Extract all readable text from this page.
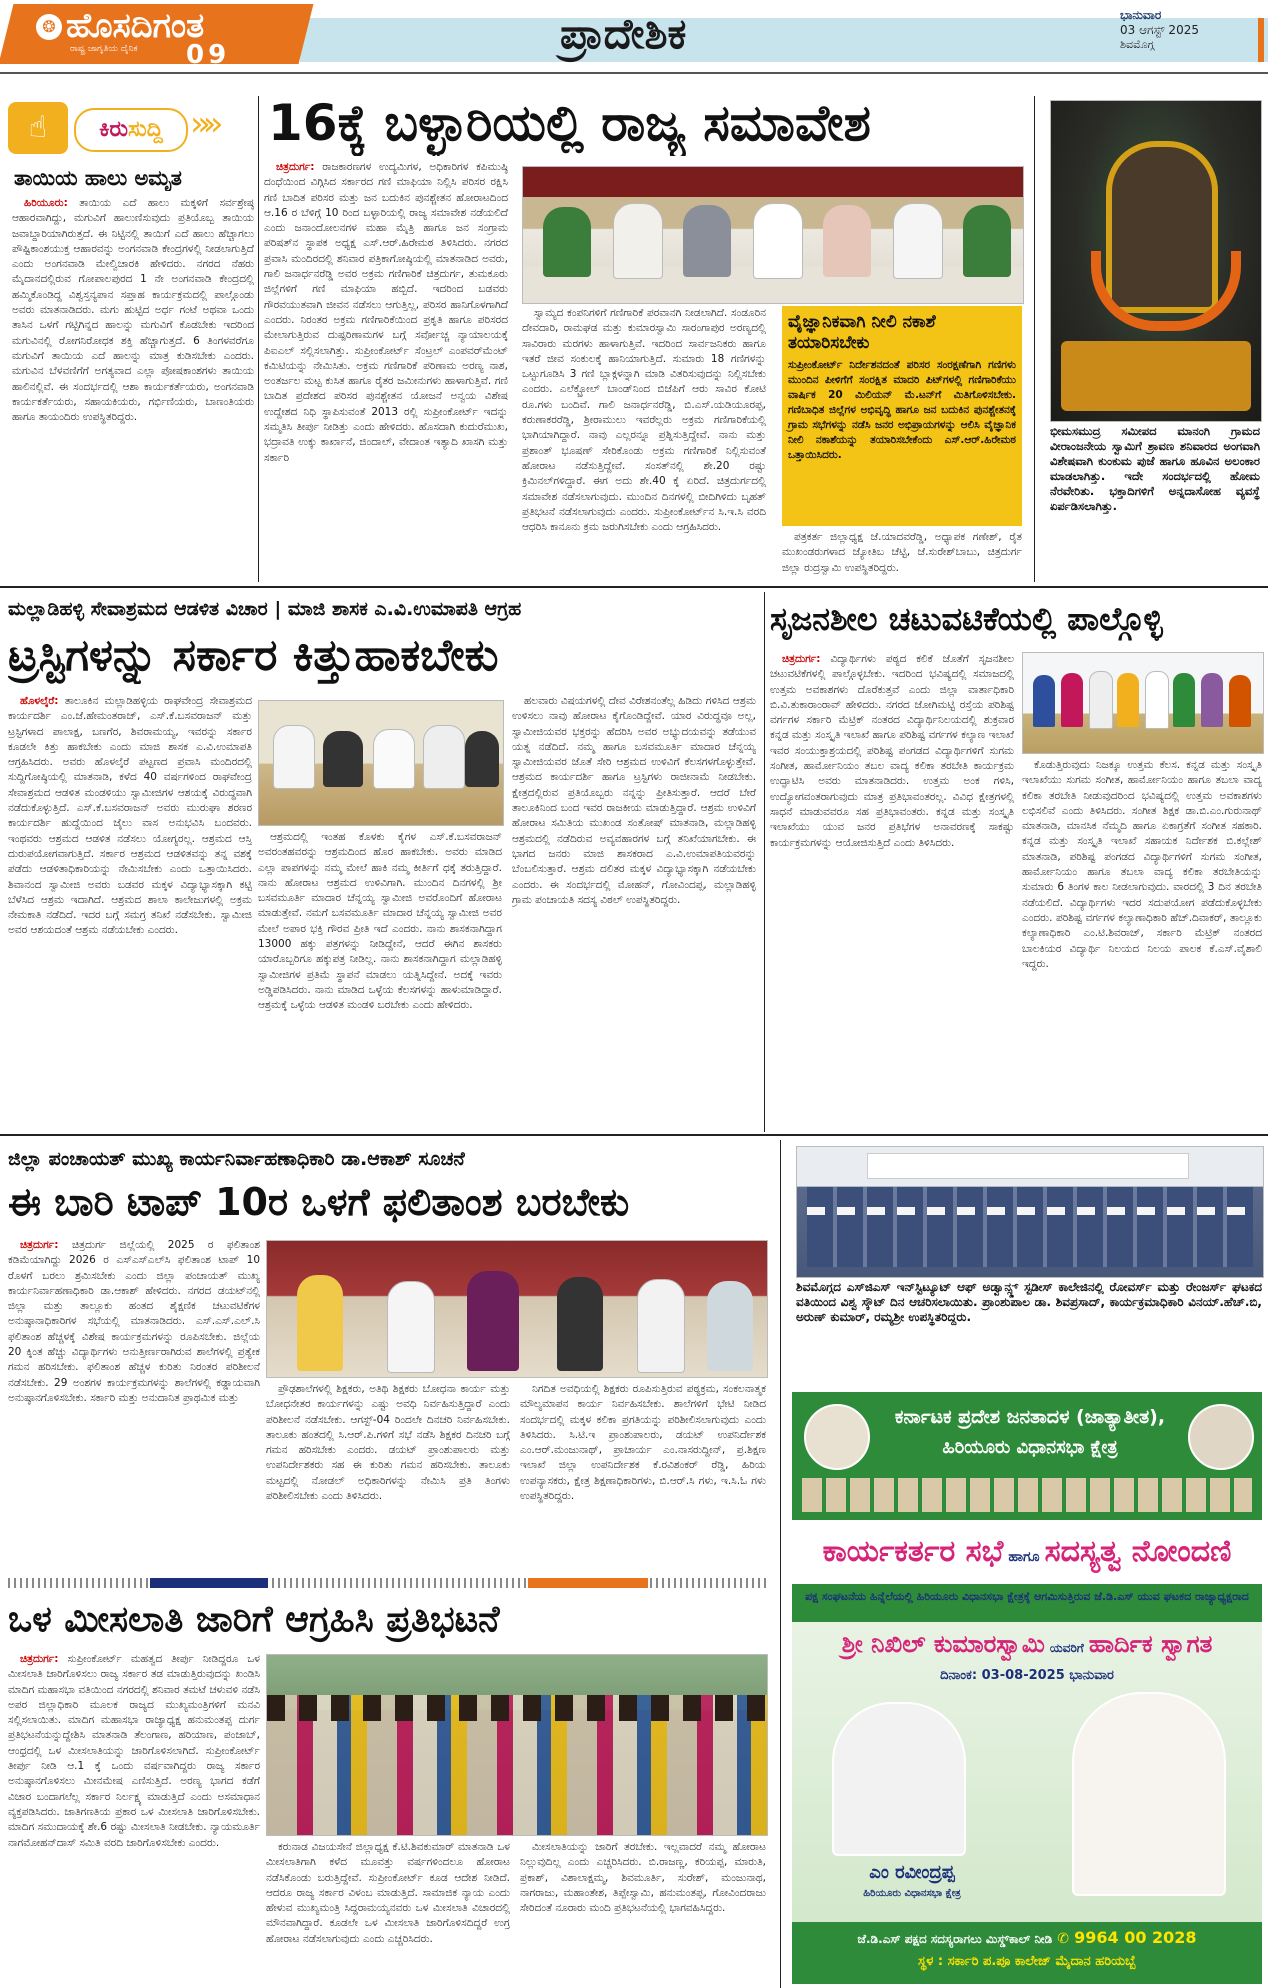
❂ ಹೊಸದಿಗಂತ
ರಾಷ್ಟ್ರ ಜಾಗೃತಿಯ ದೈನಿಕ 09	ಪ್ರಾದೇಶಿಕ	ಭಾನುವಾರ
03 ಆಗಸ್ಟ್ 2025
ಶಿವಮೊಗ್ಗ
☝	ಕಿರುಸುದ್ದಿ »»
ತಾಯಿಯ ಹಾಲು ಅಮೃತ

ಹಿರಿಯೂರು: ತಾಯಿಯ ಎದೆ ಹಾಲು ಮಕ್ಕಳಿಗೆ ಸರ್ವಶ್ರೇಷ್ಠ ಆಹಾರವಾಗಿದ್ದು, ಮಗುವಿಗೆ ಹಾಲುಣಿಸುವುದು ಪ್ರತಿಯೊಬ್ಬ ತಾಯಿಯ ಜವಾಬ್ದಾರಿಯಾಗಿರುತ್ತದೆ. ಈ ನಿಟ್ಟಿನಲ್ಲಿ ತಾಯಿಗೆ ಎದೆ ಹಾಲು ಹೆಚ್ಚಾಗಲು ಪೌಷ್ಟಿಕಾಂಶಯುಕ್ತ ಆಹಾರವನ್ನು ಅಂಗನವಾಡಿ ಕೇಂದ್ರಗಳಲ್ಲಿ ನೀಡಲಾಗುತ್ತಿದೆ ಎಂದು ಅಂಗನವಾಡಿ ಮೇಲ್ವಿಚಾರಕಿ ಹೇಳಿದರು. ನಗರದ ನೆಹರು ಮೈದಾನದಲ್ಲಿರುವ ಗೋಪಾಲಪುರದ 1 ನೇ ಅಂಗನವಾಡಿ ಕೇಂದ್ರದಲ್ಲಿ ಹಮ್ಮಿಕೊಂಡಿದ್ದ ವಿಶ್ವಸ್ತನ್ಯಪಾನ ಸಪ್ತಾಹ ಕಾರ್ಯಕ್ರಮದಲ್ಲಿ ಪಾಲ್ಗೊಂಡು ಅವರು ಮಾತನಾಡಿದರು. ಮಗು ಹುಟ್ಟಿದ ಅರ್ಧ ಗಂಟೆ ಅಥವಾ ಒಂದು ತಾಸಿನ ಒಳಗೆ ಗಟ್ಟಿಗಿನ್ನದ ಹಾಲನ್ನು ಮಗುವಿಗೆ ಕೊಡಬೇಕು ಇದರಿಂದ ಮಗುವಿನಲ್ಲಿ ರೋಗನಿರೋಧಕ ಶಕ್ತಿ ಹೆಚ್ಚಾಗುತ್ತದೆ. 6 ತಿಂಗಳವರೆಗೂ ಮಗುವಿಗೆ ತಾಯಿಯ ಎದೆ ಹಾಲನ್ನು ಮಾತ್ರ ಕುಡಿಸಬೇಕು ಎಂದರು. ಮಗುವಿನ ಬೆಳವಣಿಗೆಗೆ ಅಗತ್ಯವಾದ ಎಲ್ಲಾ ಪೋಷಕಾಂಶಗಳು ತಾಯಿಯ ಹಾಲಿನಲ್ಲಿವೆ. ಈ ಸಂದರ್ಭದಲ್ಲಿ ಆಶಾ ಕಾರ್ಯಕರ್ತೆಯರು, ಅಂಗನವಾಡಿ ಕಾರ್ಯಕರ್ತೆಯರು, ಸಹಾಯಕಿಯರು, ಗರ್ಭಿಣಿಯರು, ಬಾಣಂತಿಯರು ಹಾಗೂ ತಾಯಂದಿರು ಉಪಸ್ಥಿತರಿದ್ದರು.

16ಕ್ಕೆ ಬಳ್ಳಾರಿಯಲ್ಲಿ ರಾಜ್ಯ ಸಮಾವೇಶ

ಚಿತ್ರದುರ್ಗ: ರಾಜಕಾರಣಗಳ ಉದ್ಯಮಿಗಳ, ಅಧಿಕಾರಿಗಳ ಕಪಿಮುಷ್ಠಿ ದಂಧೆಯಿಂದ ವಿಗ್ಗಿಸಿದ ಸರ್ಕಾರದ ಗಣಿ ಮಾಫಿಯಾ ನಿಲ್ಲಿಸಿ ಪರಿಸರ ರಕ್ಷಿಸಿ ಗಣಿ ಬಾದಿತ ಪರಿಸರ ಮತ್ತು ಜನ ಬದುಕಿನ ಪುನಶ್ಚೇತನ ಹೋರಾಟದಿಂದ ಆ.16 ರ ಬೆಳಿಗ್ಗೆ 10 ರಿಂದ ಬಳ್ಳಾರಿಯಲ್ಲಿ ರಾಜ್ಯ ಸಮಾವೇಶ ನಡೆಯಲಿದೆ ಎಂದು ಜನಾಂದೋಲನಗಳ ಮಹಾ ಮೈತ್ರಿ ಹಾಗೂ ಜನ ಸಂಗ್ರಾಮ ಪರಿಷತ್‌ನ ಸ್ಥಾಪಕ ಅಧ್ಯಕ್ಷ ಎಸ್.ಆರ್.ಹಿರೇಮಠ ತಿಳಿಸಿದರು. ನಗರದ ಪ್ರವಾಸಿ ಮಂದಿರದಲ್ಲಿ ಶನಿವಾರ ಪತ್ರಿಕಾಗೋಷ್ಠಿಯಲ್ಲಿ ಮಾತನಾಡಿದ ಅವರು, ಗಾಲಿ ಜನಾರ್ಧನರೆಡ್ಡಿ ಅವರ ಅಕ್ರಮ ಗಣಿಗಾರಿಕೆ ಚಿತ್ರದುರ್ಗ, ತುಮಕೂರು ಜಿಲ್ಲೆಗಳಿಗೆ ಗಣಿ ಮಾಫಿಯಾ ಹಬ್ಬಿದೆ. ಇದರಿಂದ ಬಡವರು ಗೌರವಯುತವಾಗಿ ಜೀವನ ನಡೆಸಲು ಆಗುತ್ತಿಲ್ಲ, ಪರಿಸರ ಹಾನಿಗೊಳಗಾಗಿದೆ ಎಂದರು. ನಿರಂತರ ಅಕ್ರಮ ಗಣಿಗಾರಿಕೆಯಿಂದ ಪ್ರಕೃತಿ ಹಾಗೂ ಪರಿಸರದ ಮೇಲಾಗುತ್ತಿರುವ ದುಷ್ಪರಿಣಾಮಗಳ ಬಗ್ಗೆ ಸರ್ವೋಚ್ಚ ನ್ಯಾಯಾಲಯಕ್ಕೆ ಪಿಐಎಲ್ ಸಲ್ಲಿಸಲಾಗಿತ್ತು. ಸುಪ್ರೀಂಕೋರ್ಟ್ ಸೆಂಟ್ರಲ್ ಎಂಪವರ್‌ಮೆಂಟ್ ಕಮಿಟಿಯನ್ನು ನೇಮಿಸಿತು. ಅಕ್ರಮ ಗಣಿಗಾರಿಕೆ ಪರಿಣಾಮ ಅರಣ್ಯ ನಾಶ, ಅಂತರ್ಜಲ ಮಟ್ಟ ಕುಸಿತ ಹಾಗೂ ರೈತರ ಜಮೀನುಗಳು ಹಾಳಾಗುತ್ತಿವೆ. ಗಣಿ ಬಾದಿತ ಪ್ರದೇಶದ ಪರಿಸರ ಪುನಶ್ಚೇತನ ಯೋಜನೆ ಅನ್ವಯ ವಿಶೇಷ ಉದ್ದೇಶದ ನಿಧಿ ಸ್ಥಾಪಿಸುವಂತೆ 2013 ರಲ್ಲಿ ಸುಪ್ರೀಂಕೋರ್ಟ್ ಇದನ್ನು ಸಮ್ಮತಿಸಿ ತೀರ್ಪು ನೀಡಿತ್ತು ಎಂದು ಹೇಳಿದರು. ಹೊಸದಾಗಿ ಕುದುರೆಮುಖ, ಭದ್ರಾವತಿ ಉಕ್ಕು ಕಾರ್ಖಾನೆ, ಜಿಂದಾಲ್, ವೇದಾಂತ ಇತ್ಯಾದಿ ಖಾಸಗಿ ಮತ್ತು ಸರ್ಕಾರಿ

ಸ್ವಾಮ್ಯದ ಕಂಪನಿಗಳಿಗೆ ಗಣಿಗಾರಿಕೆ ಪರವಾನಗಿ ನೀಡಲಾಗಿದೆ. ಸಂಡೂರಿನ ದೇವದಾರಿ, ರಾಮಘಡ ಮತ್ತು ಕುಮಾರಸ್ವಾಮಿ ಸಾರಂಗಾಪುರ ಅರಣ್ಯದಲ್ಲಿ ಸಾವಿರಾರು ಮರಗಳು ಹಾಳಾಗುತ್ತಿವೆ. ಇದರಿಂದ ಸಾರ್ವಜನಿಕರು ಹಾಗೂ ಇತರೆ ಜೀವ ಸಂಕುಲಕ್ಕೆ ಹಾನಿಯಾಗುತ್ತಿದೆ. ಸುಮಾರು 18 ಗಣಿಗಳನ್ನು ಒಟ್ಟುಗೂಡಿಸಿ 3 ಗಣಿ ಬ್ಲಾಕ್ಗಳನ್ನಾಗಿ ಮಾಡಿ ವಿತರಿಸುವುದನ್ನು ನಿಲ್ಲಿಸಬೇಕು ಎಂದರು. ಎಲೆಕ್ಟ್ರೋಲ್ ಬಾಂಡ್‌ನಿಂದ ಬಿಜೆಪಿಗೆ ಆರು ಸಾವಿರ ಕೋಟಿ ರೂ.ಗಳು ಬಂದಿವೆ. ಗಾಲಿ ಜನಾರ್ಧನರೆಡ್ಡಿ, ಬಿ.ಎಸ್.ಯಡಿಯೂರಪ್ಪ, ಕರುಣಾಕರರೆಡ್ಡಿ, ಶ್ರೀರಾಮುಲು ಇವರೆಲ್ಲರು ಅಕ್ರಮ ಗಣಿಗಾರಿಕೆಯಲ್ಲಿ ಭಾಗಿಯಾಗಿದ್ದಾರೆ. ನಾವು ಎಲ್ಲರನ್ನೂ ಪ್ರಶ್ನಿಸುತ್ತಿದ್ದೇವೆ. ನಾನು ಮತ್ತು ಪ್ರಶಾಂತ್ ಭೂಷಣ್ ಸೇರಿಕೊಂಡು ಅಕ್ರಮ ಗಣಿಗಾರಿಕೆ ನಿಲ್ಲಿಸುವಂತೆ ಹೋರಾಟ ನಡೆಸುತ್ತಿದ್ದೇವೆ. ಸಂಸತ್‌ನಲ್ಲಿ ಶೇ.20 ರಷ್ಟು ಕ್ರಿಮಿನಲ್‌ಗಳಿದ್ದಾರೆ. ಈಗ ಅದು ಶೇ.40 ಕ್ಕೆ ಏರಿದೆ. ಚಿತ್ರದುರ್ಗದಲ್ಲಿ ಸಮಾವೇಶ ನಡೆಸಲಾಗುವುದು. ಮುಂದಿನ ದಿನಗಳಲ್ಲಿ ಬೀದಿಗಿಳಿದು ಬೃಹತ್ ಪ್ರತಿಭಟನೆ ನಡೆಸಲಾಗುವುದು ಎಂದರು. ಸುಪ್ರೀಂಕೋರ್ಟ್‌ನ ಸಿ.ಇ.ಸಿ ವರದಿ ಆಧರಿಸಿ ಕಾನೂನು ಕ್ರಮ ಜರುಗಿಸಬೇಕು ಎಂದು ಆಗ್ರಹಿಸಿದರು.

ವೈಜ್ಞಾನಿಕವಾಗಿ ನೀಲಿ ನಕಾಶೆ ತಯಾರಿಸಬೇಕು
ಸುಪ್ರೀಂಕೋರ್ಟ್ ನಿರ್ದೇಶನದಂತೆ ಪರಿಸರ ಸಂರಕ್ಷಣೆಗಾಗಿ ಗಣಿಗಳು ಮುಂದಿನ ಪೀಳಿಗೆಗೆ ಸಂರಕ್ಷಿತ ಮಾದರಿ ಪಿಟ್‌ಗಳಲ್ಲಿ ಗಣಿಗಾರಿಕೆಯು ವಾರ್ಷಿಕ 20 ಮಿಲಿಯನ್ ಮೆ.ಟನ್‌ಗೆ ಮಿತಿಗೊಳಿಸಬೇಕು. ಗಣಿಬಾಧಿತ ಜಿಲ್ಲೆಗಳ ಅಭಿವೃದ್ಧಿ ಹಾಗೂ ಜನ ಬದುಕಿನ ಪುನಶ್ಚೇತನಕ್ಕೆ ಗ್ರಾಮ ಸಭೆಗಳನ್ನು ನಡೆಸಿ ಜನರ ಅಭಿಪ್ರಾಯಗಳನ್ನು ಆಲಿಸಿ ವೈಜ್ಞಾನಿಕ ನೀಲಿ ನಕಾಶೆಯನ್ನು ತಯಾರಿಸಬೇಕೆಂದು ಎಸ್.ಆರ್.ಹಿರೇಮಠ ಒತ್ತಾಯಿಸಿದರು.

ಪತ್ರಕರ್ತ ಜಿಲ್ಲಾಧ್ಯಕ್ಷ ಜೆ.ಯಾದವರೆಡ್ಡಿ, ಅಧ್ಯಾಪಕ ಗಣೇಶ್, ರೈತ ಮುಖಂಡರುಗಳಾದ ಜ್ಯೋತಿಬ ಚೆಟ್ಟಿ, ಜೆ.ಸುರೇಶ್‌ಬಾಬು, ಚಿತ್ರದುರ್ಗ ಜಿಲ್ಲಾ ರುದ್ರಸ್ವಾಮಿ ಉಪಸ್ಥಿತರಿದ್ದರು.

ಭೀಮಸಮುದ್ರ ಸಮೀಪದ ಮಾನಂಗಿ ಗ್ರಾಮದ ವೀರಾಂಜನೇಯ ಸ್ವಾಮಿಗೆ ಶ್ರಾವಣ ಶನಿವಾರದ ಅಂಗವಾಗಿ ವಿಶೇಷವಾಗಿ ಕುಂಕುಮ ಪುಜೆ ಹಾಗೂ ಹೂವಿನ ಅಲಂಕಾರ ಮಾಡಲಾಗಿತ್ತು. ಇದೇ ಸಂದರ್ಭದಲ್ಲಿ ಹೋಮ ನೆರವೇರಿತು. ಭಕ್ತಾದಿಗಳಿಗೆ ಅನ್ನದಾಸೋಹ ವ್ಯವಸ್ಥೆ ಏರ್ಪಡಿಸಲಾಗಿತ್ತು.
ಮಲ್ಲಾಡಿಹಳ್ಳಿ ಸೇವಾಶ್ರಮದ ಆಡಳಿತ ವಿಚಾರ | ಮಾಜಿ ಶಾಸಕ ಎ.ವಿ.ಉಮಾಪತಿ ಆಗ್ರಹ
ಟ್ರಸ್ಟಿಗಳನ್ನು ಸರ್ಕಾರ ಕಿತ್ತುಹಾಕಬೇಕು

ಹೊಳಲ್ಕೆರೆ: ತಾಲೂಕಿನ ಮಲ್ಲಾಡಿಹಳ್ಳಿಯ ರಾಘವೇಂದ್ರ ಸೇವಾಶ್ರಮದ ಕಾರ್ಯದರ್ಶಿ ಎಂ.ಜೆ.ಹೇಮಂತರಾಜ್, ಎಸ್.ಕೆ.ಬಸವರಾಜನ್ ಮತ್ತು ಟ್ರಸ್ಟಿಗಳಾದ ಪಾಲಾಕ್ಷ, ಬಣಗೆರ, ಶಿವರಾಮಯ್ಯ, ಇವರನ್ನು ಸರ್ಕಾರ ಕೂಡಲೇ ಕಿತ್ತು ಹಾಕಬೇಕು ಎಂದು ಮಾಜಿ ಶಾಸಕ ಎ.ವಿ.ಉಮಾಪತಿ ಆಗ್ರಹಿಸಿದರು. ಅವರು ಹೊಳಲ್ಕೆರೆ ಪಟ್ಟಣದ ಪ್ರವಾಸಿ ಮಂದಿರದಲ್ಲಿ ಸುದ್ದಿಗೋಷ್ಠಿಯಲ್ಲಿ ಮಾತನಾಡಿ, ಕಳೆದ 40 ವರ್ಷಗಳಿಂದ ರಾಘವೇಂದ್ರ ಸೇವಾಶ್ರಮದ ಆಡಳಿತ ಮಂಡಳಿಯು ಸ್ವಾಮೀಜಿಗಳ ಆಶಯಕ್ಕೆ ವಿರುದ್ಧವಾಗಿ ನಡೆದುಕೊಳ್ಳುತ್ತಿದೆ. ಎಸ್.ಕೆ.ಬಸವರಾಜನ್ ಅವರು ಮುರುಘಾ ಶರಣರ ಕಾರ್ಯದರ್ಶಿ ಹುದ್ದೆಯಿಂದ ಜೈಲು ವಾಸ ಅನುಭವಿಸಿ ಬಂದವರು. ಇಂಥವರು ಆಶ್ರಮದ ಆಡಳಿತ ನಡೆಸಲು ಯೋಗ್ಯರಲ್ಲ. ಆಶ್ರಮದ ಆಸ್ತಿ ದುರುಪಯೋಗವಾಗುತ್ತಿದೆ. ಸರ್ಕಾರ ಆಶ್ರಮದ ಆಡಳಿತವನ್ನು ತನ್ನ ವಶಕ್ಕೆ ಪಡೆದು ಆಡಳಿತಾಧಿಕಾರಿಯನ್ನು ನೇಮಿಸಬೇಕು ಎಂದು ಒತ್ತಾಯಿಸಿದರು. ಶಿವಾನಂದ ಸ್ವಾಮೀಜಿ ಅವರು ಬಡವರ ಮಕ್ಕಳ ವಿದ್ಯಾಭ್ಯಾಸಕ್ಕಾಗಿ ಕಟ್ಟಿ ಬೆಳೆಸಿದ ಆಶ್ರಮ ಇದಾಗಿದೆ. ಆಶ್ರಮದ ಶಾಲಾ ಕಾಲೇಜುಗಳಲ್ಲಿ ಅಕ್ರಮ ನೇಮಕಾತಿ ನಡೆದಿದೆ. ಇದರ ಬಗ್ಗೆ ಸಮಗ್ರ ತನಿಖೆ ನಡೆಸಬೇಕು. ಸ್ವಾಮೀಜಿ ಅವರ ಆಶಯದಂತೆ ಆಶ್ರಮ ನಡೆಯಬೇಕು ಎಂದರು.

ಆಶ್ರಮದಲ್ಲಿ ಇಂತಹ ಕೊಳಕು ಕೈಗಳ ಎಸ್.ಕೆ.ಬಸವರಾಜನ್ ಅವರಂತಹವರನ್ನು ಆಶ್ರಮದಿಂದ ಹೊರ ಹಾಕಬೇಕು. ಅವರು ಮಾಡಿದ ಎಲ್ಲಾ ಪಾಪಗಳನ್ನು ನಮ್ಮ ಮೇಲೆ ಹಾಕಿ ನಮ್ಮ ಕೀರ್ತಿಗೆ ಧಕ್ಕೆ ತರುತ್ತಿದ್ದಾರೆ. ನಾನು ಹೋರಾಟ ಆಶ್ರಮದ ಉಳಿವಿಗಾಗಿ. ಮುಂದಿನ ದಿನಗಳಲ್ಲಿ ಶ್ರೀ ಬಸವಮೂರ್ತಿ ಮಾದಾರ ಚೆನ್ನಯ್ಯ ಸ್ವಾಮೀಜಿ ಅವರೊಂದಿಗೆ ಹೋರಾಟ ಮಾಡುತ್ತೇವೆ. ನಮಗೆ ಬಸವಮೂರ್ತಿ ಮಾದಾರ ಚೆನ್ನಯ್ಯ ಸ್ವಾಮೀಜಿ ಅವರ ಮೇಲೆ ಅಪಾರ ಭಕ್ತಿ ಗೌರವ ಪ್ರೀತಿ ಇದೆ ಎಂದರು. ನಾನು ಶಾಸಕನಾಗಿದ್ದಾಗ 13000 ಹಕ್ಕು ಪತ್ರಗಳನ್ನು ನೀಡಿದ್ದೇನೆ, ಆದರೆ ಈಗಿನ ಶಾಸಕರು ಯಾರೊಬ್ಬರಿಗೂ ಹಕ್ಕುಪತ್ರ ನೀಡಿಲ್ಲ. ನಾನು ಶಾಸಕನಾಗಿದ್ದಾಗ ಮಲ್ಲಾಡಿಹಳ್ಳಿ ಸ್ವಾಮೀಜಿಗಳ ಪ್ರತಿಮೆ ಸ್ಥಾಪನೆ ಮಾಡಲು ಯತ್ನಿಸಿದ್ದೇನೆ. ಅದಕ್ಕೆ ಇವರು ಅಡ್ಡಿಪಡಿಸಿದರು. ನಾನು ಮಾಡಿದ ಒಳ್ಳೆಯ ಕೆಲಸಗಳನ್ನು ಹಾಳುಮಾಡಿದ್ದಾರೆ. ಆಶ್ರಮಕ್ಕೆ ಒಳ್ಳೆಯ ಆಡಳಿತ ಮಂಡಳಿ ಬರಬೇಕು ಎಂದು ಹೇಳಿದರು.

ಹಲವಾರು ವಿಷಯಗಳಲ್ಲಿ ದೇವ ವಿರೇಶನಂತೆಲ್ಲ ಹಿಡಿದು ಗಳಿಸಿದ ಆಶ್ರಮ ಉಳಿಸಲು ನಾವು ಹೋರಾಟ ಕೈಗೊಂಡಿದ್ದೇವೆ. ಯಾರ ವಿರುದ್ಧವೂ ಅಲ್ಲ, ಸ್ವಾಮೀಜಿಯವರ ಭಕ್ತರನ್ನು ಹೆದರಿಸಿ ಅವರ ಅಭ್ಯುದಯವನ್ನು ತಡೆಯುವ ಯತ್ನ ನಡೆದಿದೆ. ನಮ್ಮ ಹಾಗೂ ಬಸವಮೂರ್ತಿ ಮಾದಾರ ಚೆನ್ನಯ್ಯ ಸ್ವಾಮೀಜಿಯವರ ಜೊತೆ ಸೇರಿ ಆಶ್ರಮದ ಉಳಿವಿಗೆ ಕೆಲಸಗಳಗೊಳ್ಳುತ್ತೇವೆ. ಆಶ್ರಮದ ಕಾರ್ಯದರ್ಶಿ ಹಾಗೂ ಟ್ರಸ್ಟಿಗಳು ರಾಜೀನಾಮೆ ನೀಡಬೇಕು. ಕ್ಷೇತ್ರದಲ್ಲಿರುವ ಪ್ರತಿಯೊಬ್ಬರು ನನ್ನನ್ನು ಪ್ರೀತಿಸುತ್ತಾರೆ. ಆದರೆ ಬೇರೆ ತಾಲೂಕಿನಿಂದ ಬಂದ ಇವರ ರಾಜಕೀಯ ಮಾಡುತ್ತಿದ್ದಾರೆ. ಆಶ್ರಮ ಉಳಿವಿಗೆ ಹೋರಾಟ ಸಮಿತಿಯ ಮುಖಂಡ ಸಂತೋಷ್ ಮಾತನಾಡಿ, ಮಲ್ಲಾಡಿಹಳ್ಳಿ ಆಶ್ರಮದಲ್ಲಿ ನಡೆದಿರುವ ಅವ್ಯವಹಾರಗಳ ಬಗ್ಗೆ ತನಿಖೆಯಾಗಬೇಕು. ಈ ಭಾಗದ ಜನರು ಮಾಜಿ ಶಾಸಕರಾದ ಎ.ವಿ.ಉಮಾಪತಿಯವರನ್ನು ಬೆಂಬಲಿಸುತ್ತಾರೆ. ಆಶ್ರಮ ದಲಿತರ ಮಕ್ಕಳ ವಿದ್ಯಾಭ್ಯಾಸಕ್ಕಾಗಿ ನಡೆಯಬೇಕು ಎಂದರು. ಈ ಸಂದರ್ಭದಲ್ಲಿ ಮೋಹನ್, ಗೋವಿಂದಪ್ಪ, ಮಲ್ಲಾಡಿಹಳ್ಳಿ ಗ್ರಾಮ ಪಂಚಾಯತಿ ಸದಸ್ಯ ವಿಠಲ್ ಉಪಸ್ಥಿತರಿದ್ದರು.

ಸೃಜನಶೀಲ ಚಟುವಟಿಕೆಯಲ್ಲಿ ಪಾಲ್ಗೊಳ್ಳಿ

ಚಿತ್ರದುರ್ಗ: ವಿದ್ಯಾರ್ಥಿಗಳು ಪಠ್ಯದ ಕಲಿಕೆ ಜೊತೆಗೆ ಸೃಜನಶೀಲ ಚಟುವಟಿಕೆಗಳಲ್ಲಿ ಪಾಲ್ಗೊಳ್ಳಬೇಕು. ಇದರಿಂದ ಭವಿಷ್ಯದಲ್ಲಿ ಸಮಾಜದಲ್ಲಿ ಉತ್ತಮ ಅವಕಾಶಗಳು ದೊರೆಕುತ್ತವೆ ಎಂದು ಜಿಲ್ಲಾ ವಾರ್ತಾಧಿಕಾರಿ ಬಿ.ವಿ.ತುಕಾರಾಂರಾವ್ ಹೇಳಿದರು. ನಗರದ ಜೋಗಿಮಟ್ಟಿ ರಸ್ತೆಯ ಪರಿಶಿಷ್ಟ ವರ್ಗಗಳ ಸರ್ಕಾರಿ ಮೆಟ್ರಿಕ್ ನಂತರದ ವಿದ್ಯಾರ್ಥಿನಿಲಯದಲ್ಲಿ ಶುಕ್ರವಾರ ಕನ್ನಡ ಮತ್ತು ಸಂಸ್ಕೃತಿ ಇಲಾಖೆ ಹಾಗೂ ಪರಿಶಿಷ್ಟ ವರ್ಗಗಳ ಕಲ್ಯಾಣ ಇಲಾಖೆ ಇವರ ಸಂಯುಕ್ತಾಶ್ರಯದಲ್ಲಿ ಪರಿಶಿಷ್ಟ ಪಂಗಡದ ವಿದ್ಯಾರ್ಥಿಗಳಿಗೆ ಸುಗಮ ಸಂಗೀತ, ಹಾರ್ಮೋನಿಯಂ ತಬಲ ವಾದ್ಯ ಕಲಿಕಾ ತರಬೇತಿ ಕಾರ್ಯಕ್ರಮ ಉದ್ಘಾಟಿಸಿ ಅವರು ಮಾತನಾಡಿದರು. ಉತ್ತಮ ಅಂಕ ಗಳಿಸಿ, ಉದ್ಯೋಗವಂತರಾಗುವುದು ಮಾತ್ರ ಪ್ರತಿಭಾವಂತರಲ್ಲ. ವಿವಿಧ ಕ್ಷೇತ್ರಗಳಲ್ಲಿ ಸಾಧನೆ ಮಾಡುವವರೂ ಸಹ ಪ್ರತಿಭಾವಂತರು. ಕನ್ನಡ ಮತ್ತು ಸಂಸ್ಕೃತಿ ಇಲಾಖೆಯು ಯುವ ಜನರ ಪ್ರತಿಭೆಗಳ ಅನಾವರಣಕ್ಕೆ ಸಾಕಷ್ಟು ಕಾರ್ಯಕ್ರಮಗಳನ್ನು ಆಯೋಜಿಸುತ್ತಿದೆ ಎಂದು ತಿಳಿಸಿದರು.

ಕೊಡುತ್ತಿರುವುದು ನಿಜಕ್ಕೂ ಉತ್ತಮ ಕೆಲಸ. ಕನ್ನಡ ಮತ್ತು ಸಂಸ್ಕೃತಿ ಇಲಾಖೆಯು ಸುಗಮ ಸಂಗೀತ, ಹಾರ್ಮೋನಿಯಂ ಹಾಗೂ ತಬಲಾ ವಾದ್ಯ ಕಲಿಕಾ ತರಬೇತಿ ನೀಡುವುದರಿಂದ ಭವಿಷ್ಯದಲ್ಲಿ ಉತ್ತಮ ಅವಕಾಶಗಳು ಲಭಿಸಲಿವೆ ಎಂದು ತಿಳಿಸಿದರು. ಸಂಗೀತ ಶಿಕ್ಷಕ ಡಾ.ಬಿ.ಎಂ.ಗುರುನಾಥ್ ಮಾತನಾಡಿ, ಮಾನಸಿಕ ನೆಮ್ಮದಿ ಹಾಗೂ ಏಕಾಗ್ರತೆಗೆ ಸಂಗೀತ ಸಹಕಾರಿ. ಕನ್ನಡ ಮತ್ತು ಸಂಸ್ಕೃತಿ ಇಲಾಖೆ ಸಹಾಯಕ ನಿರ್ದೇಶಕ ಬಿ.ಕಲ್ಲೇಶ್ ಮಾತನಾಡಿ, ಪರಿಶಿಷ್ಟ ಪಂಗಡದ ವಿದ್ಯಾರ್ಥಿಗಳಿಗೆ ಸುಗಮ ಸಂಗೀತ, ಹಾರ್ಮೋನಿಯಂ ಹಾಗೂ ತಬಲಾ ವಾದ್ಯ ಕಲಿಕಾ ತರಬೇತಿಯನ್ನು ಸುಮಾರು 6 ತಿಂಗಳ ಕಾಲ ನೀಡಲಾಗುವುದು. ವಾರದಲ್ಲಿ 3 ದಿನ ತರಬೇತಿ ನಡೆಯಲಿದೆ. ವಿದ್ಯಾರ್ಥಿಗಳು ಇದರ ಸದುಪಯೋಗ ಪಡೆದುಕೊಳ್ಳಬೇಕು ಎಂದರು. ಪರಿಶಿಷ್ಟ ವರ್ಗಗಳ ಕಲ್ಯಾಣಾಧಿಕಾರಿ ಹೆಚ್.ದಿವಾಕರ್, ತಾಲ್ಲೂಕು ಕಲ್ಯಾಣಾಧಿಕಾರಿ ಎಂ.ಟಿ.ಶಿವರಾಜ್, ಸರ್ಕಾರಿ ಮೆಟ್ರಿಕ್ ನಂತರದ ಬಾಲಕಿಯರ ವಿದ್ಯಾರ್ಥಿ ನಿಲಯದ ನಿಲಯ ಪಾಲಕ ಕೆ.ಎಸ್.ವೈಶಾಲಿ ಇದ್ದರು.

ಜಿಲ್ಲಾ ಪಂಚಾಯತ್ ಮುಖ್ಯ ಕಾರ್ಯನಿರ್ವಾಹಣಾಧಿಕಾರಿ ಡಾ.ಆಕಾಶ್ ಸೂಚನೆ
ಈ ಬಾರಿ ಟಾಪ್ 10ರ ಒಳಗೆ ಫಲಿತಾಂಶ ಬರಬೇಕು

ಚಿತ್ರದುರ್ಗ: ಚಿತ್ರದುರ್ಗ ಜಿಲ್ಲೆಯಲ್ಲಿ 2025 ರ ಫಲಿತಾಂಶ ಕಡಿಮೆಯಾಗಿದ್ದು 2026 ರ ಎಸ್ಎಸ್ಎಲ್‌ಸಿ ಫಲಿತಾಂಶ ಟಾಪ್ 10 ರೊಳಗೆ ಬರಲು ಶ್ರಮಿಸಬೇಕು ಎಂದು ಜಿಲ್ಲಾ ಪಂಚಾಯತ್ ಮುಖ್ಯ ಕಾರ್ಯನಿರ್ವಾಹಣಾಧಿಕಾರಿ ಡಾ.ಆಕಾಶ್ ಹೇಳಿದರು. ನಗರದ ಡಯಟ್‌ನಲ್ಲಿ ಜಿಲ್ಲಾ ಮತ್ತು ತಾಲ್ಲೂಕು ಹಂತದ ಶೈಕ್ಷಣಿಕ ಚಟುವಟಿಕೆಗಳ ಅನುಷ್ಠಾನಾಧಿಕಾರಿಗಳ ಸಭೆಯಲ್ಲಿ ಮಾತನಾಡಿದರು. ಎಸ್.ಎಸ್.ಎಲ್.ಸಿ ಫಲಿತಾಂಶ ಹೆಚ್ಚಳಕ್ಕೆ ವಿಶೇಷ ಕಾರ್ಯಕ್ರಮಗಳನ್ನು ರೂಪಿಸಬೇಕು. ಜಿಲ್ಲೆಯ 20 ಕ್ಕಿಂತ ಹೆಚ್ಚು ವಿದ್ಯಾರ್ಥಿಗಳು ಅನುತ್ತೀರ್ಣರಾಗಿರುವ ಶಾಲೆಗಳಲ್ಲಿ ಪ್ರತ್ಯೇಕ ಗಮನ ಹರಿಸಬೇಕು. ಫಲಿತಾಂಶ ಹೆಚ್ಚಳ ಕುರಿತು ನಿರಂತರ ಪರಿಶೀಲನೆ ನಡೆಸಬೇಕು. 29 ಅಂಶಗಳ ಕಾರ್ಯಕ್ರಮಗಳನ್ನು ಶಾಲೆಗಳಲ್ಲಿ ಕಡ್ಡಾಯವಾಗಿ ಅನುಷ್ಠಾನಗೊಳಿಸಬೇಕು. ಸರ್ಕಾರಿ ಮತ್ತು ಅನುದಾನಿತ ಪ್ರಾಥಮಿಕ ಮತ್ತು

ಪ್ರೌಢಶಾಲೆಗಳಲ್ಲಿ ಶಿಕ್ಷಕರು, ಅತಿಥಿ ಶಿಕ್ಷಕರು ಬೋಧನಾ ಕಾರ್ಯ ಮತ್ತು ಬೋಧನೇತರ ಕಾರ್ಯಗಳನ್ನು ಎಷ್ಟು ಅವಧಿ ನಿರ್ವಹಿಸುತ್ತಿದ್ದಾರೆ ಎಂದು ಪರಿಶೀಲನೆ ನಡೆಸಬೇಕು. ಆಗಸ್ಟ್-04 ರಿಂದಲೇ ದಿನಚರಿ ನಿರ್ವಹಿಸಬೇಕು. ತಾಲೂಕು ಹಂತದಲ್ಲಿ ಸಿ.ಆರ್.ಪಿ.ಗಳಿಗೆ ಸಭೆ ನಡೆಸಿ ಶಿಕ್ಷಕರ ದಿನಚರಿ ಬಗ್ಗೆ ಗಮನ ಹರಿಸಬೇಕು ಎಂದರು. ಡಯಟ್ ಪ್ರಾಂಶುಪಾಲರು ಮತ್ತು ಉಪನಿರ್ದೇಶಕರು ಸಹ ಈ ಕುರಿತು ಗಮನ ಹರಿಸಬೇಕು. ತಾಲೂಕು ಮಟ್ಟದಲ್ಲಿ ನೋಡಲ್ ಅಧಿಕಾರಿಗಳನ್ನು ನೇಮಿಸಿ ಪ್ರತಿ ತಿಂಗಳು ಪರಿಶೀಲಿಸಬೇಕು ಎಂದು ತಿಳಿಸಿದರು.

ನಿಗದಿತ ಅವಧಿಯಲ್ಲಿ ಶಿಕ್ಷಕರು ರೂಪಿಸುತ್ತಿರುವ ಪಠ್ಯಕ್ರಮ, ಸಂಕಲನಾತ್ಮಕ ಮೌಲ್ಯಮಾಪನ ಕಾರ್ಯ ನಿರ್ವಹಿಸಬೇಕು. ಶಾಲೆಗಳಿಗೆ ಭೇಟಿ ನೀಡಿದ ಸಂದರ್ಭದಲ್ಲಿ ಮಕ್ಕಳ ಕಲಿಕಾ ಪ್ರಗತಿಯನ್ನು ಪರಿಶೀಲಿಸಲಾಗುವುದು ಎಂದು ತಿಳಿಸಿದರು. ಸಿ.ಟಿ.ಇ ಪ್ರಾಂಶುಪಾಲರು, ಡಯಟ್ ಉಪನಿರ್ದೇಶಕ ಎಂ.ಆರ್.ಮಂಜುನಾಥ್, ಪ್ರಾಚಾರ್ಯ ಎಂ.ನಾಸರುದ್ದೀನ್, ಪ್ರ.ಶಿಕ್ಷಣ ಇಲಾಖೆ ಜಿಲ್ಲಾ ಉಪನಿರ್ದೇಶಕ ಕೆ.ರವಿಶಂಕರ್ ರೆಡ್ಡಿ, ಹಿರಿಯ ಉಪನ್ಯಾಸಕರು, ಕ್ಷೇತ್ರ ಶಿಕ್ಷಣಾಧಿಕಾರಿಗಳು, ಬಿ.ಆರ್.ಸಿ ಗಳು, ಇ.ಸಿ.ಓ ಗಳು ಉಪಸ್ಥಿತರಿದ್ದರು.

ಶಿವಮೊಗ್ಗದ ಎಸ್‌ಜಿಎಸ್ ಇನ್‌ಸ್ಟಿಟ್ಯೂಟ್ ಆಫ್ ಅಡ್ವಾನ್ಸ್ಡ್ ಸ್ಟಡೀಸ್ ಕಾಲೇಜಿನಲ್ಲಿ ರೋವರ್ಸ್ ಮತ್ತು ರೇಂಜರ್ಸ್ ಘಟಕದ ವತಿಯಿಂದ ವಿಶ್ವ ಸ್ಕೌಟ್ ದಿನ ಆಚರಿಸಲಾಯಿತು. ಪ್ರಾಂಶುಪಾಲ ಡಾ. ಶಿವಪ್ರಸಾದ್, ಕಾರ್ಯಕ್ರಮಾಧಿಕಾರಿ ವಿನಯ್.ಹೆಚ್.ಬಿ, ಅರುಣ್ ಕುಮಾರ್, ರಮ್ಯಶ್ರೀ ಉಪಸ್ಥಿತರಿದ್ದರು.
ಒಳ ಮೀಸಲಾತಿ ಜಾರಿಗೆ ಆಗ್ರಹಿಸಿ ಪ್ರತಿಭಟನೆ

ಚಿತ್ರದುರ್ಗ: ಸುಪ್ರೀಂಕೋರ್ಟ್ ಮಹತ್ವದ ತೀರ್ಪು ನೀಡಿದ್ದರೂ ಒಳ ಮೀಸಲಾತಿ ಜಾರಿಗೊಳಿಸಲು ರಾಜ್ಯ ಸರ್ಕಾರ ತಡ ಮಾಡುತ್ತಿರುವುದನ್ನು ಖಂಡಿಸಿ ಮಾದಿಗ ಮಹಾಸಭಾ ವತಿಯಿಂದ ನಗರದಲ್ಲಿ ಶನಿವಾರ ತಮಟೆ ಚಳುವಳಿ ನಡೆಸಿ ಅಪರ ಜಿಲ್ಲಾಧಿಕಾರಿ ಮೂಲಕ ರಾಜ್ಯದ ಮುಖ್ಯಮಂತ್ರಿಗಳಿಗೆ ಮನವಿ ಸಲ್ಲಿಸಲಾಯಿತು. ಮಾದಿಗ ಮಹಾಸಭಾ ರಾಜ್ಯಾಧ್ಯಕ್ಷ ಹನುಮಂತಪ್ಪ ದುರ್ಗ ಪ್ರತಿಭಟನೆಯನ್ನುದ್ದೇಶಿಸಿ ಮಾತನಾಡಿ ತೆಲಂಗಾಣ, ಹರಿಯಾಣ, ಪಂಜಾಬ್, ಆಂಧ್ರದಲ್ಲಿ ಒಳ ಮೀಸಲಾತಿಯನ್ನು ಜಾರಿಗೊಳಿಸಲಾಗಿದೆ. ಸುಪ್ರೀಂಕೋರ್ಟ್ ತೀರ್ಪು ನೀಡಿ ಆ.1 ಕ್ಕೆ ಒಂದು ವರ್ಷವಾಗಿದ್ದರು ರಾಜ್ಯ ಸರ್ಕಾರ ಅನುಷ್ಠಾನಗೊಳಿಸಲು ಮೀನಮೇಷ ಎಣಿಸುತ್ತಿದೆ. ಅರಣ್ಯ ಭಾಗದ ಕಡೆಗೆ ವಿಚಾರ ಬಂದಾಗಲೆಲ್ಲ ಸರ್ಕಾರ ನಿರ್ಲಕ್ಷ್ಯ ಮಾಡುತ್ತಿದೆ ಎಂದು ಅಸಮಾಧಾನ ವ್ಯಕ್ತಪಡಿಸಿದರು. ಜಾತಿಗಣತಿಯ ಪ್ರಕಾರ ಒಳ ಮೀಸಲಾತಿ ಜಾರಿಗೊಳಿಸಬೇಕು. ಮಾದಿಗ ಸಮುದಾಯಕ್ಕೆ ಶೇ.6 ರಷ್ಟು ಮೀಸಲಾತಿ ನೀಡಬೇಕು. ನ್ಯಾಯಮೂರ್ತಿ ನಾಗಮೋಹನ್‌ದಾಸ್ ಸಮಿತಿ ವರದಿ ಜಾರಿಗೊಳಿಸಬೇಕು ಎಂದರು.	ಕರುನಾಡ ವಿಜಯಸೇನೆ ಜಿಲ್ಲಾಧ್ಯಕ್ಷ ಕೆ.ಟಿ.ಶಿವಕುಮಾರ್ ಮಾತನಾಡಿ ಒಳ ಮೀಸಲಾತಿಗಾಗಿ ಕಳೆದ ಮೂವತ್ತು ವರ್ಷಗಳಿಂದಲೂ ಹೋರಾಟ ನಡೆಸಿಕೊಂಡು ಬರುತ್ತಿದ್ದೇವೆ. ಸುಪ್ರೀಂಕೋರ್ಟ್ ಕೂಡ ಆದೇಶ ನೀಡಿದೆ. ಆದರೂ ರಾಜ್ಯ ಸರ್ಕಾರ ವಿಳಂಬ ಮಾಡುತ್ತಿದೆ. ಸಾಮಾಜಿಕ ನ್ಯಾಯ ಎಂದು ಹೇಳುವ ಮುಖ್ಯಮಂತ್ರಿ ಸಿದ್ದರಾಮಯ್ಯನವರು ಒಳ ಮೀಸಲಾತಿ ವಿಚಾರದಲ್ಲಿ ಮೌನವಾಗಿದ್ದಾರೆ. ಕೂಡಲೇ ಒಳ ಮೀಸಲಾತಿ ಜಾರಿಗೊಳಿಸದಿದ್ದರೆ ಉಗ್ರ ಹೋರಾಟ ನಡೆಸಲಾಗುವುದು ಎಂದು ಎಚ್ಚರಿಸಿದರು.

ಮೀಸಲಾತಿಯನ್ನು ಜಾರಿಗೆ ತರಬೇಕು. ಇಲ್ಲವಾದರೆ ನಮ್ಮ ಹೋರಾಟ ನಿಲ್ಲುವುದಿಲ್ಲ ಎಂದು ಎಚ್ಚರಿಸಿದರು. ಬಿ.ರಾಜಣ್ಣ, ಕರಿಯಪ್ಪ, ಮಾರುತಿ, ಪ್ರಕಾಶ್, ವಿಶಾಲಾಕ್ಷಮ್ಮ, ಶಿವಮೂರ್ತಿ, ಸುರೇಶ್, ಮಂಜುನಾಥ, ನಾಗರಾಜು, ಮಹಾಂತೇಶ, ತಿಪ್ಪೇಸ್ವಾಮಿ, ಹನುಮಂತಪ್ಪ, ಗೋವಿಂದರಾಜು ಸೇರಿದಂತೆ ನೂರಾರು ಮಂದಿ ಪ್ರತಿಭಟನೆಯಲ್ಲಿ ಭಾಗವಹಿಸಿದ್ದರು.

ಕರ್ನಾಟಕ ಪ್ರದೇಶ ಜನತಾದಳ (ಜಾತ್ಯಾತೀತ),
ಹಿರಿಯೂರು ವಿಧಾನಸಭಾ ಕ್ಷೇತ್ರ
ಕಾರ್ಯಕರ್ತರ ಸಭೆ ಹಾಗೂ ಸದಸ್ಯತ್ವ ನೋಂದಣಿ
ಪಕ್ಷ ಸಂಘಟನೆಯ ಹಿನ್ನೆಲೆಯಲ್ಲಿ ಹಿರಿಯೂರು ವಿಧಾನಸಭಾ ಕ್ಷೇತ್ರಕ್ಕೆ ಆಗಮಿಸುತ್ತಿರುವ ಜೆ.ಡಿ.ಎಸ್ ಯುವ ಘಟಕದ ರಾಜ್ಯಾಧ್ಯಕ್ಷರಾದ
ಶ್ರೀ ನಿಖಿಲ್ ಕುಮಾರಸ್ವಾಮಿ ಯವರಿಗೆ ಹಾರ್ದಿಕ ಸ್ವಾಗತ
ದಿನಾಂಕ: 03-08-2025 ಭಾನುವಾರ
ಎಂ ರವೀಂದ್ರಪ್ಪ
ಹಿರಿಯೂರು ವಿಧಾನಸಭಾ ಕ್ಷೇತ್ರ
ಜೆ.ಡಿ.ಎಸ್ ಪಕ್ಷದ ಸದಸ್ಯರಾಗಲು ಮಿಸ್ಡ್‌ಕಾಲ್ ನೀಡಿ ✆ 9964 00 2028
ಸ್ಥಳ : ಸರ್ಕಾರಿ ಪ.ಪೂ ಕಾಲೇಜ್ ಮೈದಾನ ಹರಿಯಬ್ಬೆ
